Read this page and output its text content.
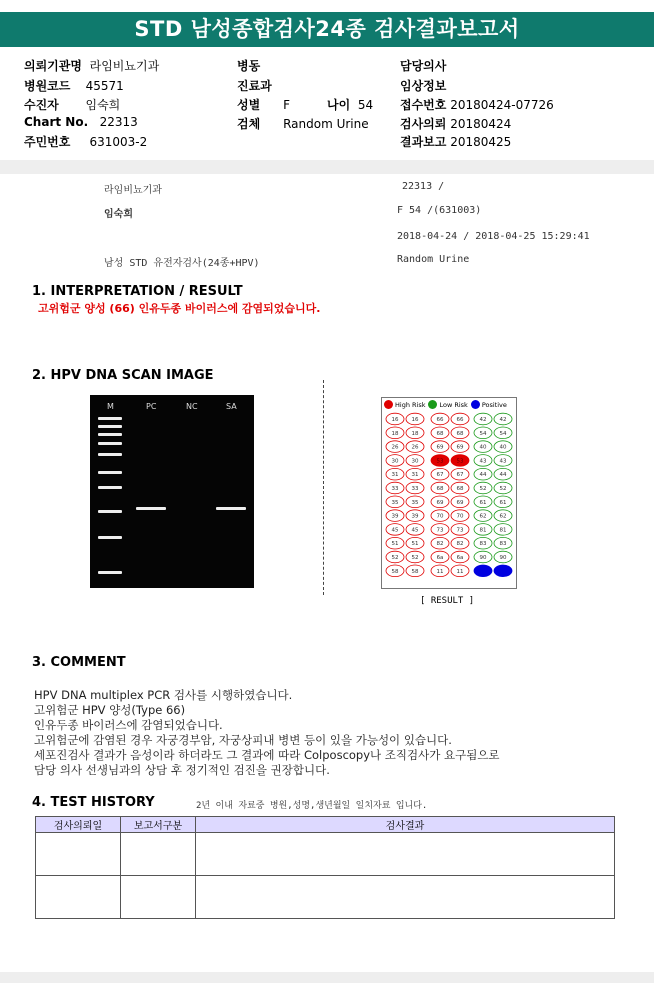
STD 남성종합검사24종 검사결과보고서
의뢰기관명 라임비뇨기과
병원코드 45571
수진자 임숙희
Chart No. 22313
주민번호 631003-2
병동
진료과
성별 F	나이 54
검체 Random Urine
담당의사
임상정보
접수번호 20180424-07726
검사의뢰 20180424
결과보고 20180425
라임비뇨기과	22313 /
임숙희	F 54 /(631003)
2018-04-24 / 2018-04-25 15:29:41
남성 STD 유전자검사(24종+HPV)	Random Urine
1. INTERPRETATION / RESULT
고위험군 양성 (66) 인유두종 바이러스에 감염되었습니다.
2. HPV DNA SCAN IMAGE
M	PC	NC	SA	High Risk Low Risk Positive
16 16	66 66	42 42
18 18	68 68	54 54
26 26	69 69	40 40
30 30	53 53	43 43
31 31	67 67	44 44
33 33	68 68	52 52
35 35	69 69	61 61
39 39	70 70	62 62
45 45	73 73	81 81
51 51	82 82	83 83
52 52	6a 6a	90 90
58 58	11 11	11 11
[ RESULT ]
3. COMMENT
HPV DNA multiplex PCR 검사를 시행하였습니다.
고위험군 HPV 양성(Type 66)
인유두종 바이러스에 감염되었습니다.
고위험군에 감염된 경우 자궁경부암, 자궁상피내 병변 등이 있을 가능성이 있습니다.
세포진검사 결과가 음성이라 하더라도 그 결과에 따라 Colposcopy나 조직검사가 요구됨으로
담당 의사 선생님과의 상담 후 정기적인 검진을 권장합니다.
4. TEST HISTORY	2년 이내 자료중 병원,성명,생년월일 일치자료 입니다.
검사의뢰일	보고서구분	검사결과
